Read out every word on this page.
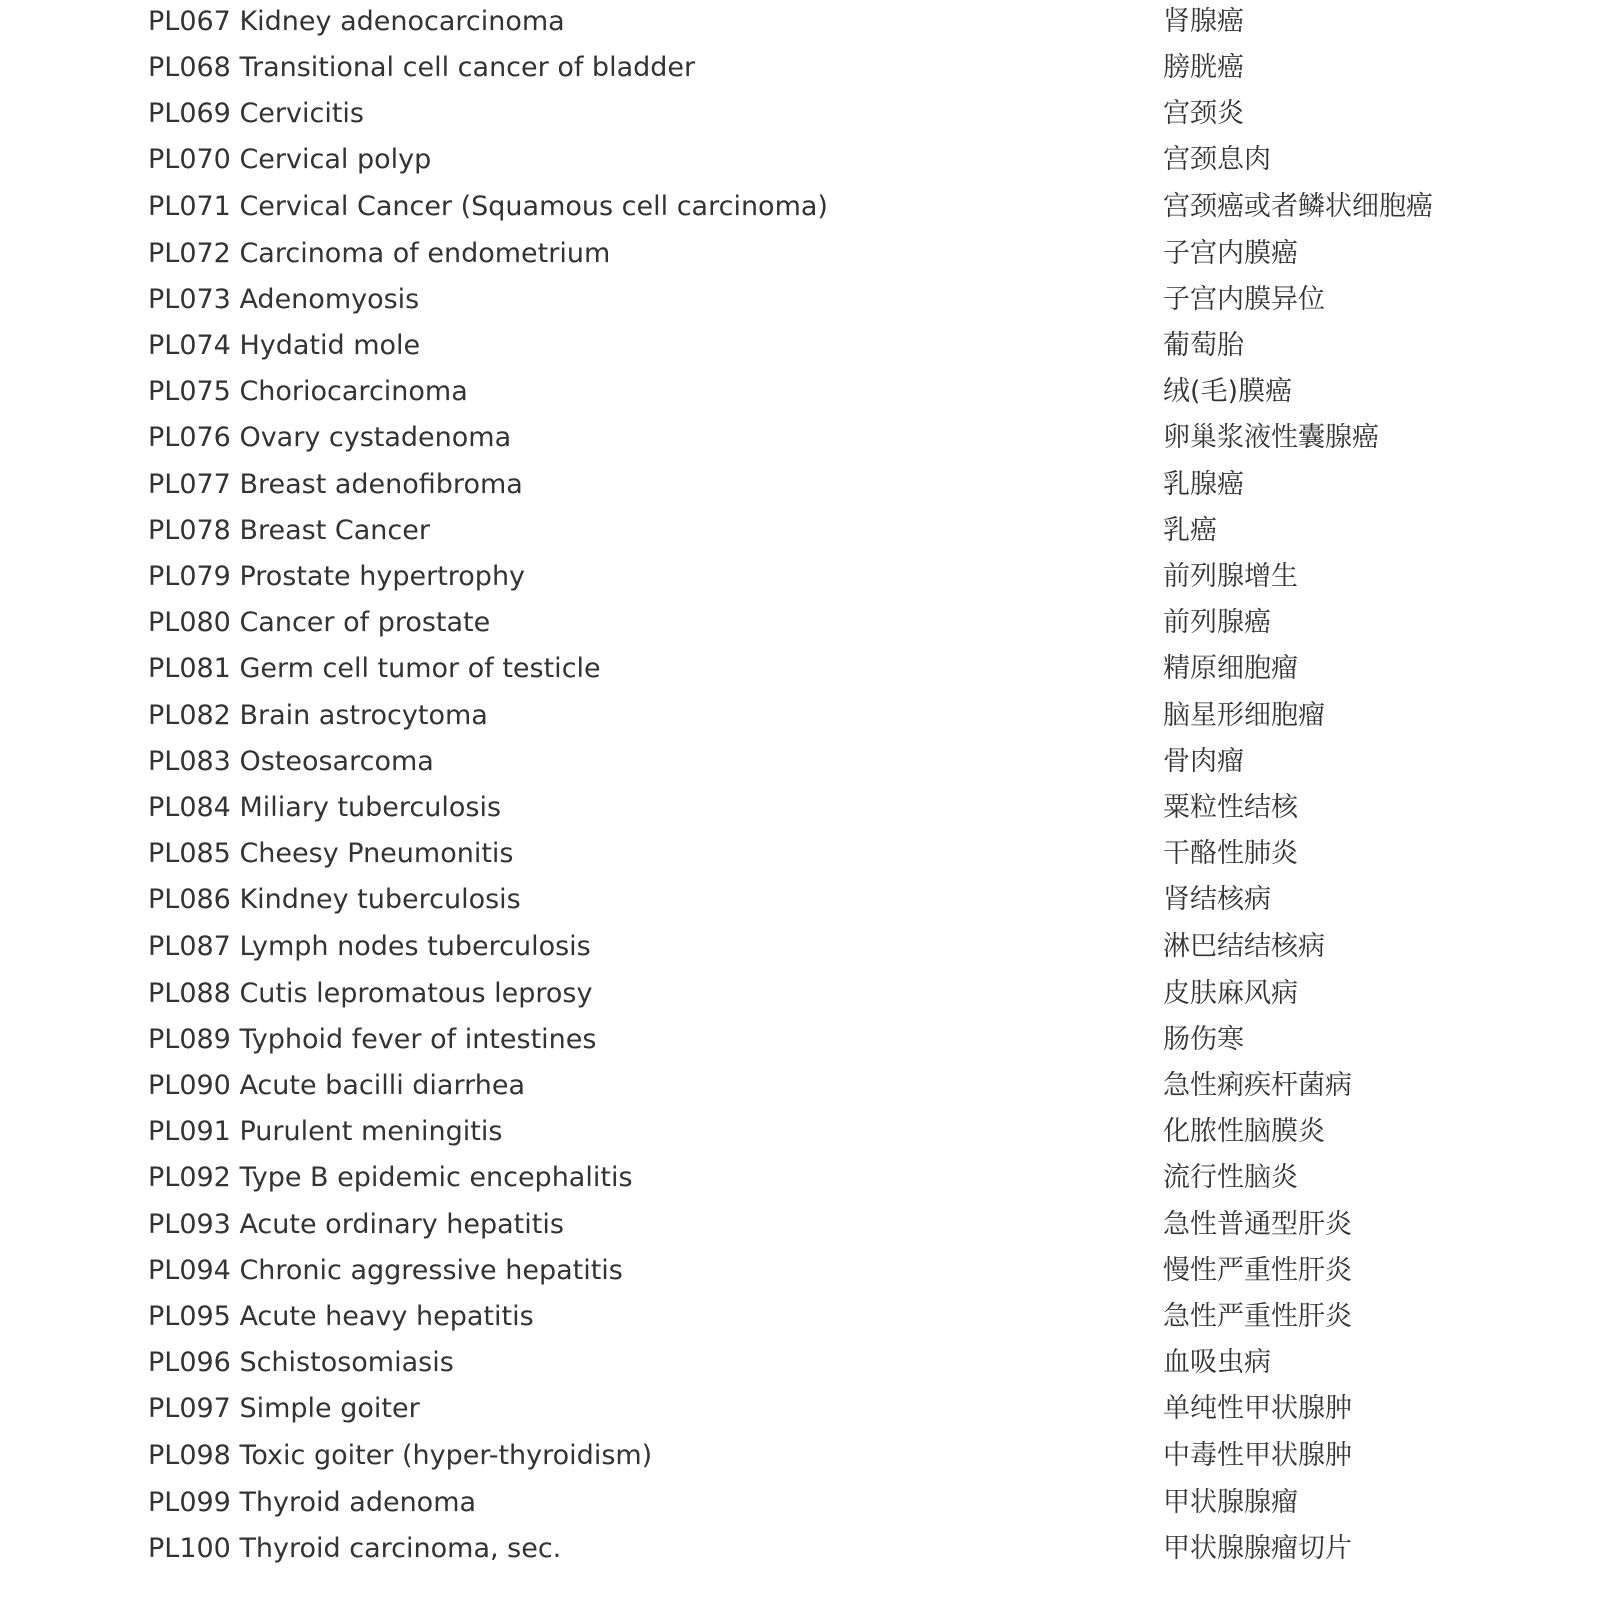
PL067 Kidney adenocarcinoma	肾腺癌
PL068 Transitional cell cancer of bladder	膀胱癌
PL069 Cervicitis	宫颈炎
PL070 Cervical polyp	宫颈息肉
PL071 Cervical Cancer (Squamous cell carcinoma)	宫颈癌或者鳞状细胞癌
PL072 Carcinoma of endometrium	子宫内膜癌
PL073 Adenomyosis	子宫内膜异位
PL074 Hydatid mole	葡萄胎
PL075 Choriocarcinoma	绒(毛)膜癌
PL076 Ovary cystadenoma	卵巢浆液性囊腺癌
PL077 Breast adenofibroma	乳腺癌
PL078 Breast Cancer	乳癌
PL079 Prostate hypertrophy	前列腺增生
PL080 Cancer of prostate	前列腺癌
PL081 Germ cell tumor of testicle	精原细胞瘤
PL082 Brain astrocytoma	脑星形细胞瘤
PL083 Osteosarcoma	骨肉瘤
PL084 Miliary tuberculosis	粟粒性结核
PL085 Cheesy Pneumonitis	干酪性肺炎
PL086 Kindney tuberculosis	肾结核病
PL087 Lymph nodes tuberculosis	淋巴结结核病
PL088 Cutis lepromatous leprosy	皮肤麻风病
PL089 Typhoid fever of intestines	肠伤寒
PL090 Acute bacilli diarrhea	急性痢疾杆菌病
PL091 Purulent meningitis	化脓性脑膜炎
PL092 Type B epidemic encephalitis	流行性脑炎
PL093 Acute ordinary hepatitis	急性普通型肝炎
PL094 Chronic aggressive hepatitis	慢性严重性肝炎
PL095 Acute heavy hepatitis	急性严重性肝炎
PL096 Schistosomiasis	血吸虫病
PL097 Simple goiter	单纯性甲状腺肿
PL098 Toxic goiter (hyper-thyroidism)	中毒性甲状腺肿
PL099 Thyroid adenoma	甲状腺腺瘤
PL100 Thyroid carcinoma, sec.	甲状腺腺瘤切片
